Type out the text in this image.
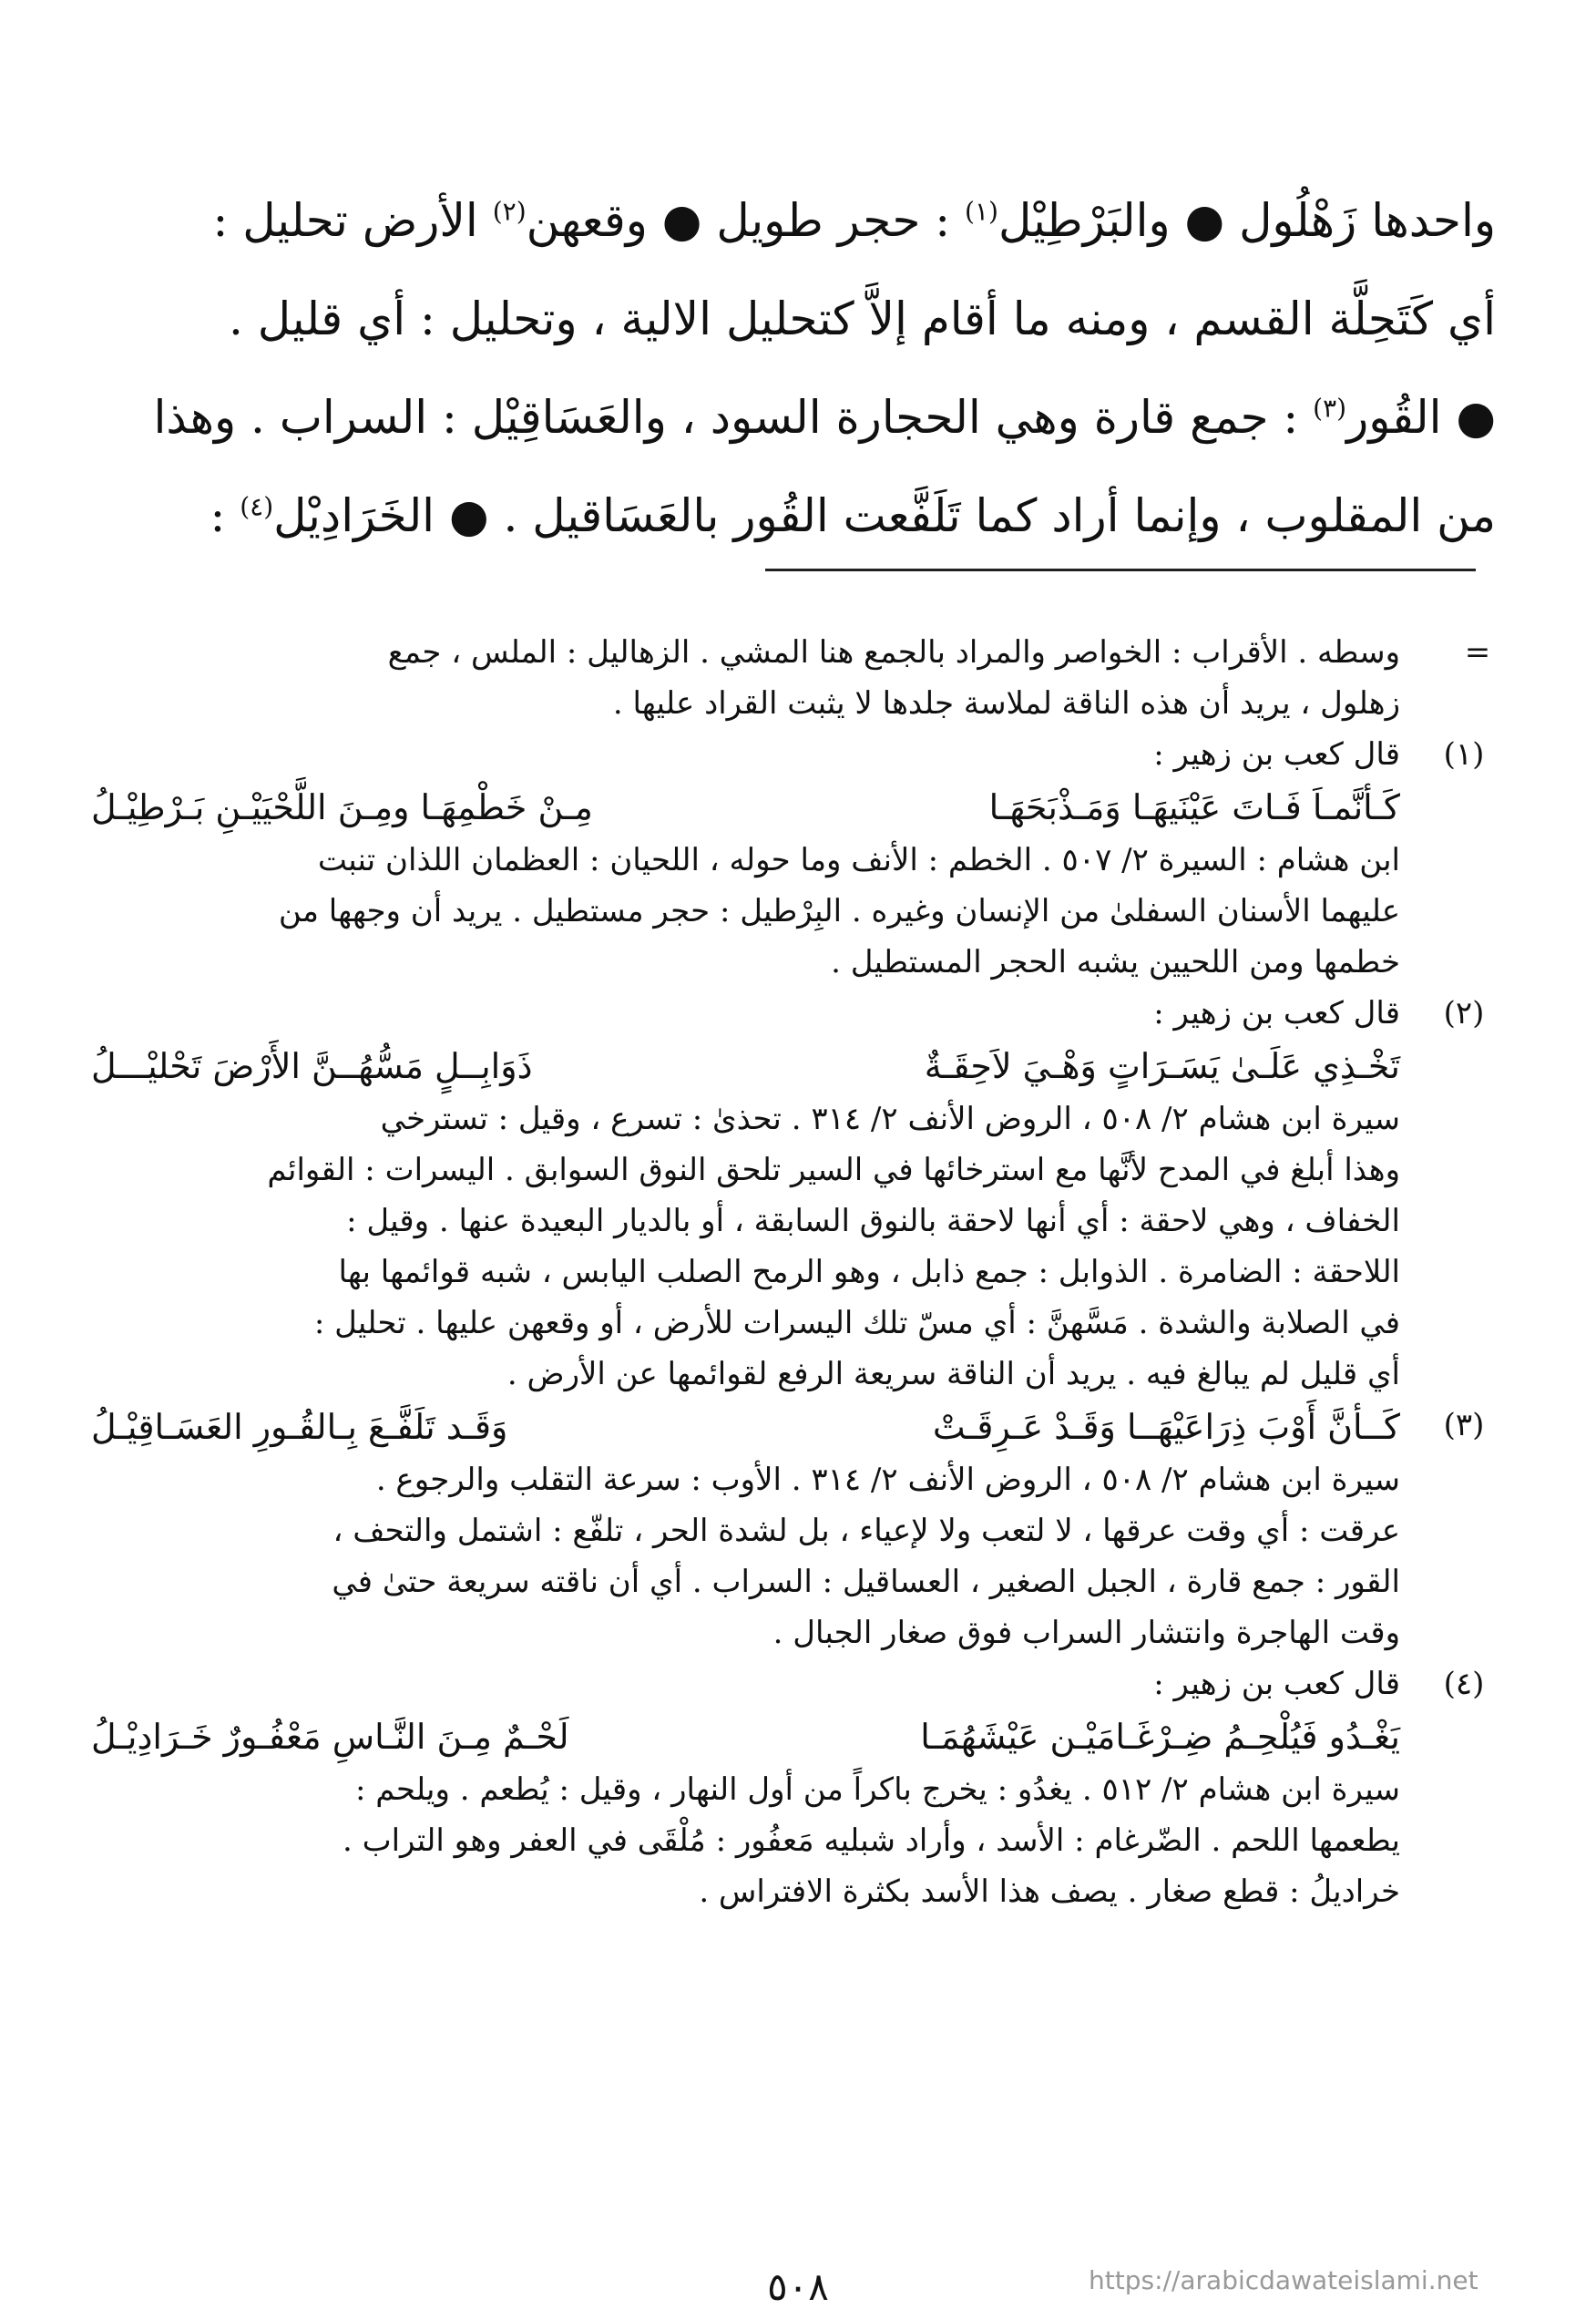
واحدها زَهْلُول ● والبَرْطِيْل$^{(١)}$ : حجر طويل ● وقعهن$^{(٢)}$ الأرض تحليل :

أي كَتَحِلَّة القسم ، ومنه ما أقام إلاَّ كتحليل الالية ، وتحليل : أي قليل .

● القُور$^{(٣)}$ : جمع قارة وهي الحجارة السود ، والعَسَاقِيْل : السراب . وهذا

من المقلوب ، وإنما أراد كما تَلَفَّعت القُور بالعَسَاقيل . ● الخَرَادِيْل$^{(٤)}$ :

=
وسطه . الأقراب : الخواصر والمراد بالجمع هنا المشي . الزهاليل : الملس ، جمع
زهلول ، يريد أن هذه الناقة لملاسة جلدها لا يثبت القراد عليها .
(١)
قال كعب بن زهير :
كَـأنَّمـاَ فَـاتَ عَيْنَيهَـا وَمَـذْبَحَهَـا
مِـنْ خَطْمِهَـا ومِـنَ اللَّحْيَيْـنِ بَـرْطِيْـلُ
ابن هشام : السيرة ٢/ ٥٠٧ . الخطم : الأنف وما حوله ، اللحيان : العظمان اللذان تنبت
عليهما الأسنان السفلىٰ من الإنسان وغيره . البِرْطيل : حجر مستطيل . يريد أن وجهها من
خطمها ومن اللحيين يشبه الحجر المستطيل .
(٢)
قال كعب بن زهير :
تَخْـذِي عَلَـىٰ يَسَـرَاتٍ وَهْـيَ لاَحِقَـةٌ
ذَوَابِــلٍ مَسُّهُــنَّ الأَرْضَ تَحْليْـــلُ
سيرة ابن هشام ٢/ ٥٠٨ ، الروض الأنف ٢/ ٣١٤ . تحذىٰ : تسرع ، وقيل : تسترخي
وهذا أبلغ في المدح لأنَّها مع استرخائها في السير تلحق النوق السوابق . اليسرات : القوائم
الخفاف ، وهي لاحقة : أي أنها لاحقة بالنوق السابقة ، أو بالديار البعيدة عنها . وقيل :
اللاحقة : الضامرة . الذوابل : جمع ذابل ، وهو الرمح الصلب اليابس ، شبه قوائمها بها
في الصلابة والشدة . مَسَّهنَّ : أي مسّ تلك اليسرات للأرض ، أو وقعهن عليها . تحليل :
أي قليل لم يبالغ فيه . يريد أن الناقة سريعة الرفع لقوائمها عن الأرض .
(٣)
كَــأنَّ أَوْبَ ذِرَاعَيْهَــا وَقَـدْ عَـرِقَـتْ
وَقَـد تَلَفَّـعَ بِـالقُـورِ العَسَـاقِيْـلُ
سيرة ابن هشام ٢/ ٥٠٨ ، الروض الأنف ٢/ ٣١٤ . الأوب : سرعة التقلب والرجوع .
عرقت : أي وقت عرقها ، لا لتعب ولا لإعياء ، بل لشدة الحر ، تلفّع : اشتمل والتحف ،
القور : جمع قارة ، الجبل الصغير ، العساقيل : السراب . أي أن ناقته سريعة حتىٰ في
وقت الهاجرة وانتشار السراب فوق صغار الجبال .
(٤)
قال كعب بن زهير :
يَغْـدُو فَيُلْحِـمُ ضِـرْغَـامَيْـن عَيْشَهُمَـا
لَحْـمٌ مِـنَ النَّـاسِ مَعْفُـورٌ خَـرَادِيْـلُ
سيرة ابن هشام ٢/ ٥١٢ . يغدُو : يخرج باكراً من أول النهار ، وقيل : يُطعم . ويلحم :
يطعمها اللحم . الضّرغام : الأسد ، وأراد شبليه مَعفُور : مُلْقَى في العفر وهو التراب .
خراديلُ : قطع صغار . يصف هذا الأسد بكثرة الافتراس .
https://arabicdawateislami.net
٥٠٨
